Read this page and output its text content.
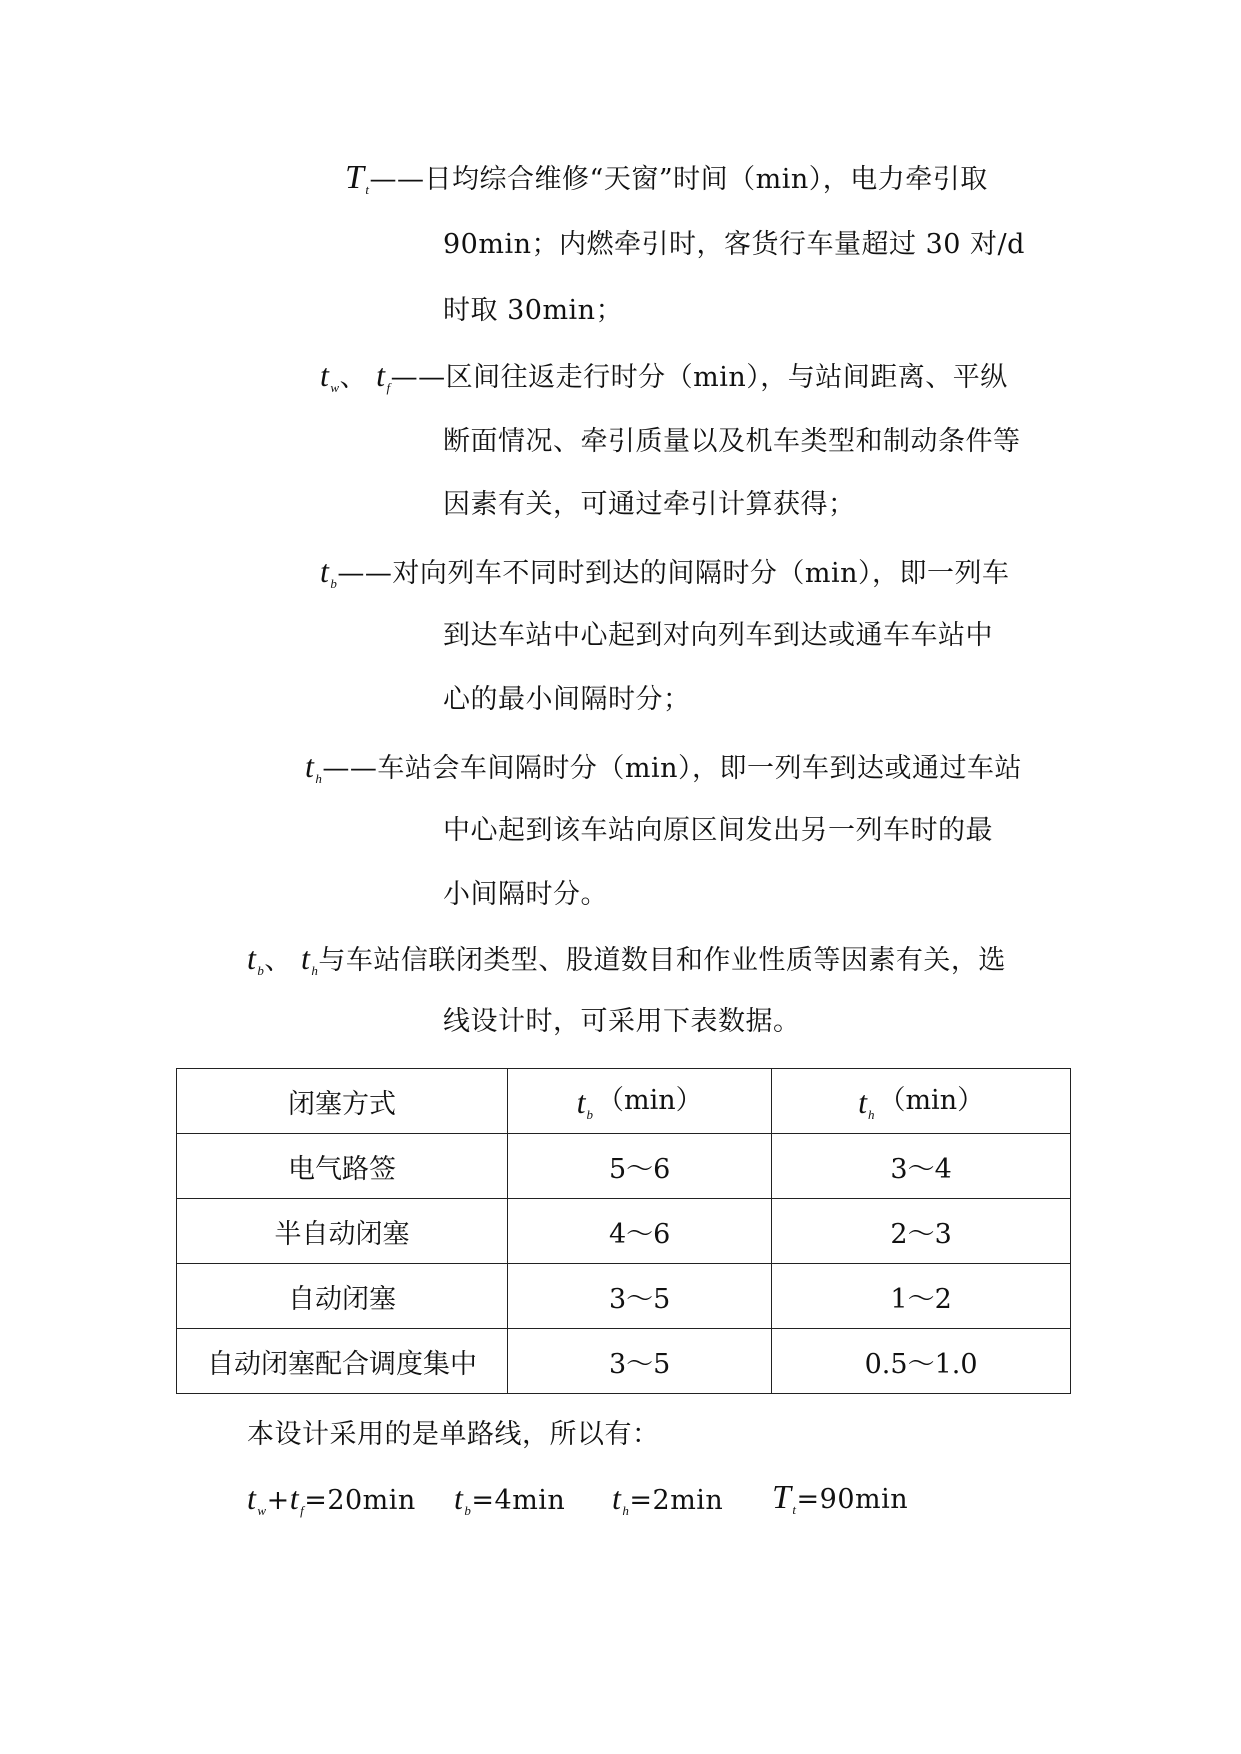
$T_t——$日均综合维修“天窗”时间（min），电力牵引取
90min；内燃牵引时，客货行车量超过 30 对/d
时取 30min；
$t_w$、 $t_f——$区间往返走行时分（min），与站间距离、平纵
断面情况、牵引质量以及机车类型和制动条件等
因素有关，可通过牵引计算获得；
$t_b——$对向列车不同时到达的间隔时分（min），即一列车
到达车站中心起到对向列车到达或通车车站中
心的最小间隔时分；
$t_h——$车站会车间隔时分（min），即一列车到达或通过车站
中心起到该车站向原区间发出另一列车时的最
小间隔时分。
$t_b$、 $t_h$与车站信联闭类型、股道数目和作业性质等因素有关，选
线设计时，可采用下表数据。
闭塞方式	$t_b$ （min）	$t_h$ （min）
电气路签	5～6	3～4
半自动闭塞	4～6	2～3
自动闭塞	3～5	1～2
自动闭塞配合调度集中	3～5	0.5～1.0
本设计采用的是单路线，所以有：
$t_w+t_f=20\min$ $t_b=4\min$ $t_h=2\min$ $T_t=90\min$
